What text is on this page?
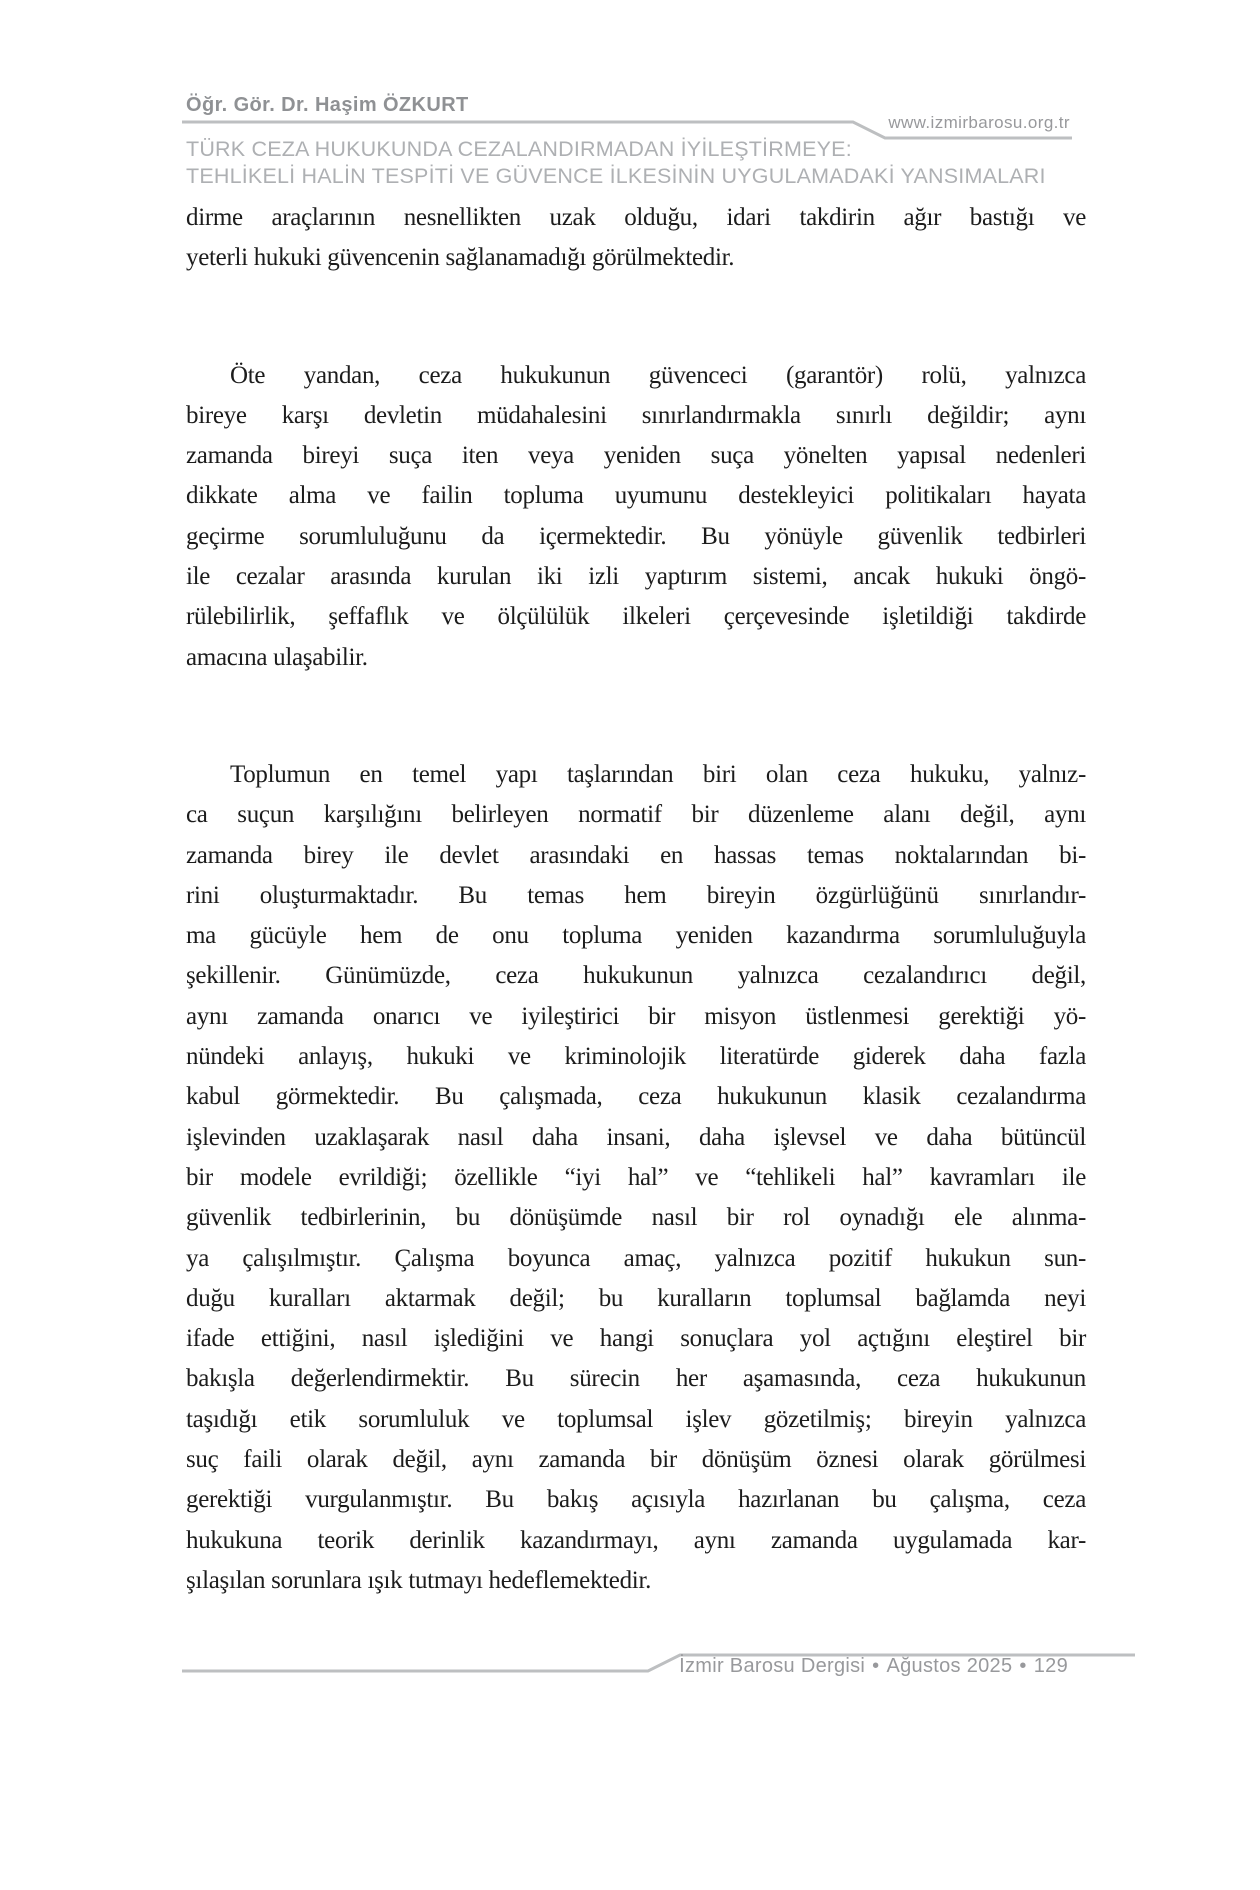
Öğr. Gör. Dr. Haşim ÖZKURT
www.izmirbarosu.org.tr
TÜRK CEZA HUKUKUNDA CEZALANDIRMADAN İYİLEŞTİRMEYE:
TEHLİKELİ HALİN TESPİTİ VE GÜVENCE İLKESİNİN UYGULAMADAKİ YANSIMALARI
dirme araçlarının nesnellikten uzak olduğu, idari takdirin ağır bastığı ve
yeterli hukuki güvencenin sağlanamadığı görülmektedir.
Öte yandan, ceza hukukunun güvenceci (garantör) rolü, yalnızca
bireye karşı devletin müdahalesini sınırlandırmakla sınırlı değildir; aynı
zamanda bireyi suça iten veya yeniden suça yönelten yapısal nedenleri
dikkate alma ve failin topluma uyumunu destekleyici politikaları hayata
geçirme sorumluluğunu da içermektedir. Bu yönüyle güvenlik tedbirleri
ile cezalar arasında kurulan iki izli yaptırım sistemi, ancak hukuki öngö-
rülebilirlik, şeffaflık ve ölçülülük ilkeleri çerçevesinde işletildiği takdirde
amacına ulaşabilir.
Toplumun en temel yapı taşlarından biri olan ceza hukuku, yalnız-
ca suçun karşılığını belirleyen normatif bir düzenleme alanı değil, aynı
zamanda birey ile devlet arasındaki en hassas temas noktalarından bi-
rini oluşturmaktadır. Bu temas hem bireyin özgürlüğünü sınırlandır-
ma gücüyle hem de onu topluma yeniden kazandırma sorumluluğuyla
şekillenir. Günümüzde, ceza hukukunun yalnızca cezalandırıcı değil,
aynı zamanda onarıcı ve iyileştirici bir misyon üstlenmesi gerektiği yö-
nündeki anlayış, hukuki ve kriminolojik literatürde giderek daha fazla
kabul görmektedir. Bu çalışmada, ceza hukukunun klasik cezalandırma
işlevinden uzaklaşarak nasıl daha insani, daha işlevsel ve daha bütüncül
bir modele evrildiği; özellikle “iyi hal” ve “tehlikeli hal” kavramları ile
güvenlik tedbirlerinin, bu dönüşümde nasıl bir rol oynadığı ele alınma-
ya çalışılmıştır. Çalışma boyunca amaç, yalnızca pozitif hukukun sun-
duğu kuralları aktarmak değil; bu kuralların toplumsal bağlamda neyi
ifade ettiğini, nasıl işlediğini ve hangi sonuçlara yol açtığını eleştirel bir
bakışla değerlendirmektir. Bu sürecin her aşamasında, ceza hukukunun
taşıdığı etik sorumluluk ve toplumsal işlev gözetilmiş; bireyin yalnızca
suç faili olarak değil, aynı zamanda bir dönüşüm öznesi olarak görülmesi
gerektiği vurgulanmıştır. Bu bakış açısıyla hazırlanan bu çalışma, ceza
hukukuna teorik derinlik kazandırmayı, aynı zamanda uygulamada kar-
şılaşılan sorunlara ışık tutmayı hedeflemektedir.
İzmir Barosu Dergisi • Ağustos 2025 • 129
